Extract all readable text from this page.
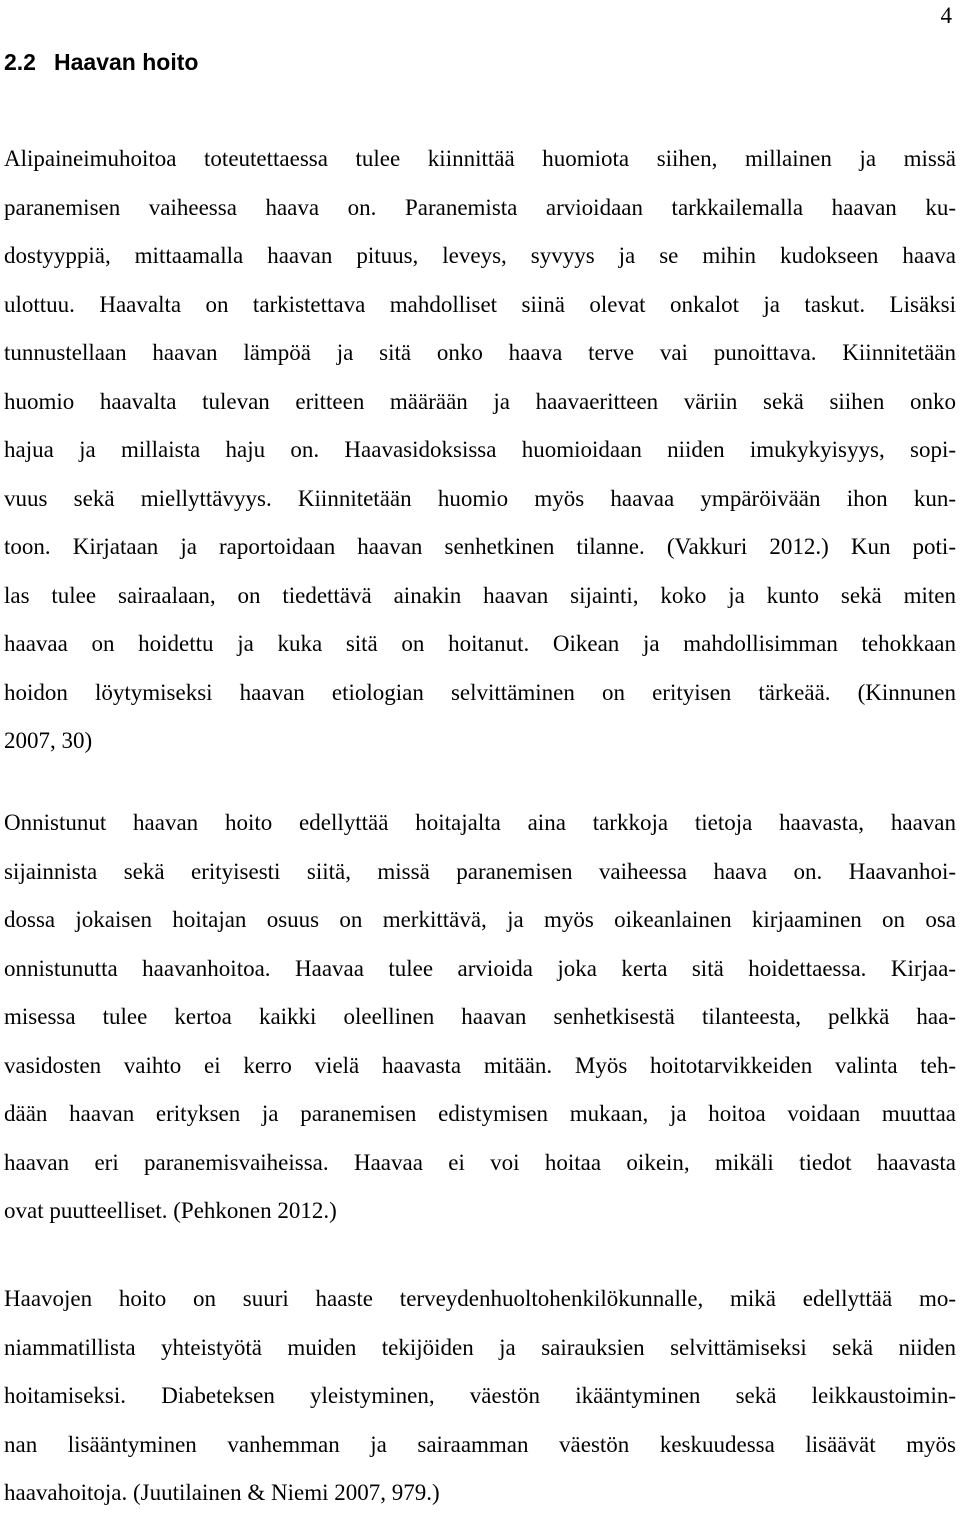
4
2.2 Haavan hoito

Alipaineimuhoitoa toteutettaessa tulee kiinnittää huomiota siihen, millainen ja missä
paranemisen vaiheessa haava on. Paranemista arvioidaan tarkkailemalla haavan ku-
dostyyppiä, mittaamalla haavan pituus, leveys, syvyys ja se mihin kudokseen haava
ulottuu. Haavalta on tarkistettava mahdolliset siinä olevat onkalot ja taskut. Lisäksi
tunnustellaan haavan lämpöä ja sitä onko haava terve vai punoittava. Kiinnitetään
huomio haavalta tulevan eritteen määrään ja haavaeritteen väriin sekä siihen onko
hajua ja millaista haju on. Haavasidoksissa huomioidaan niiden imukykyisyys, sopi-
vuus sekä miellyttävyys. Kiinnitetään huomio myös haavaa ympäröivään ihon kun-
toon. Kirjataan ja raportoidaan haavan senhetkinen tilanne. (Vakkuri 2012.) Kun poti-
las tulee sairaalaan, on tiedettävä ainakin haavan sijainti, koko ja kunto sekä miten
haavaa on hoidettu ja kuka sitä on hoitanut. Oikean ja mahdollisimman tehokkaan
hoidon löytymiseksi haavan etiologian selvittäminen on erityisen tärkeää. (Kinnunen
2007, 30)

Onnistunut haavan hoito edellyttää hoitajalta aina tarkkoja tietoja haavasta, haavan
sijainnista sekä erityisesti siitä, missä paranemisen vaiheessa haava on. Haavanhoi-
dossa jokaisen hoitajan osuus on merkittävä, ja myös oikeanlainen kirjaaminen on osa
onnistunutta haavanhoitoa. Haavaa tulee arvioida joka kerta sitä hoidettaessa. Kirjaa-
misessa tulee kertoa kaikki oleellinen haavan senhetkisestä tilanteesta, pelkkä haa-
vasidosten vaihto ei kerro vielä haavasta mitään. Myös hoitotarvikkeiden valinta teh-
dään haavan erityksen ja paranemisen edistymisen mukaan, ja hoitoa voidaan muuttaa
haavan eri paranemisvaiheissa. Haavaa ei voi hoitaa oikein, mikäli tiedot haavasta
ovat puutteelliset. (Pehkonen 2012.)

Haavojen hoito on suuri haaste terveydenhuoltohenkilökunnalle, mikä edellyttää mo-
niammatillista yhteistyötä muiden tekijöiden ja sairauksien selvittämiseksi sekä niiden
hoitamiseksi. Diabeteksen yleistyminen, väestön ikääntyminen sekä leikkaustoimin-
nan lisääntyminen vanhemman ja sairaamman väestön keskuudessa lisäävät myös
haavahoitoja. (Juutilainen & Niemi 2007, 979.)
